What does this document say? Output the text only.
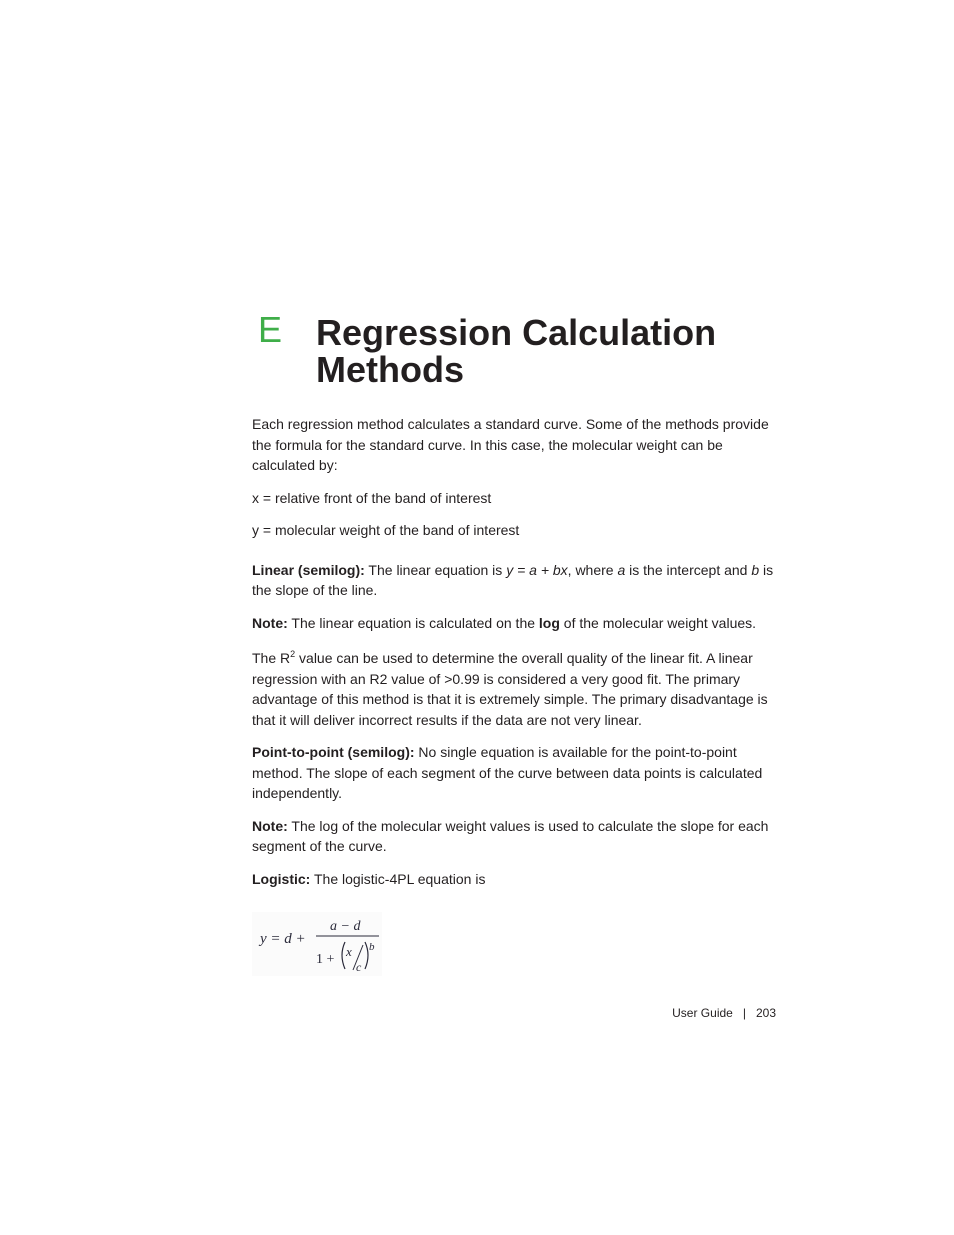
E Regression Calculation Methods

Each regression method calculates a standard curve. Some of the methods provide the formula for the standard curve. In this case, the molecular weight can be calculated by:

x = relative front of the band of interest

y = molecular weight of the band of interest

Linear (semilog): The linear equation is y = a + bx, where a is the intercept and b is the slope of the line.

Note: The linear equation is calculated on the log of the molecular weight values.

The $R^2$ value can be used to determine the overall quality of the linear fit. A linear regression with an R2 value of >0.99 is considered a very good fit. The primary advantage of this method is that it is extremely simple. The primary disadvantage is that it will deliver incorrect results if the data are not very linear.

Point-to-point (semilog): No single equation is available for the point-to-point method. The slope of each segment of the curve between data points is calculated independently.

Note: The log of the molecular weight values is used to calculate the slope for each segment of the curve.

Logistic: The logistic-4PL equation is

y = d +
a − d
1 +
x
c
b
User Guide | 203
